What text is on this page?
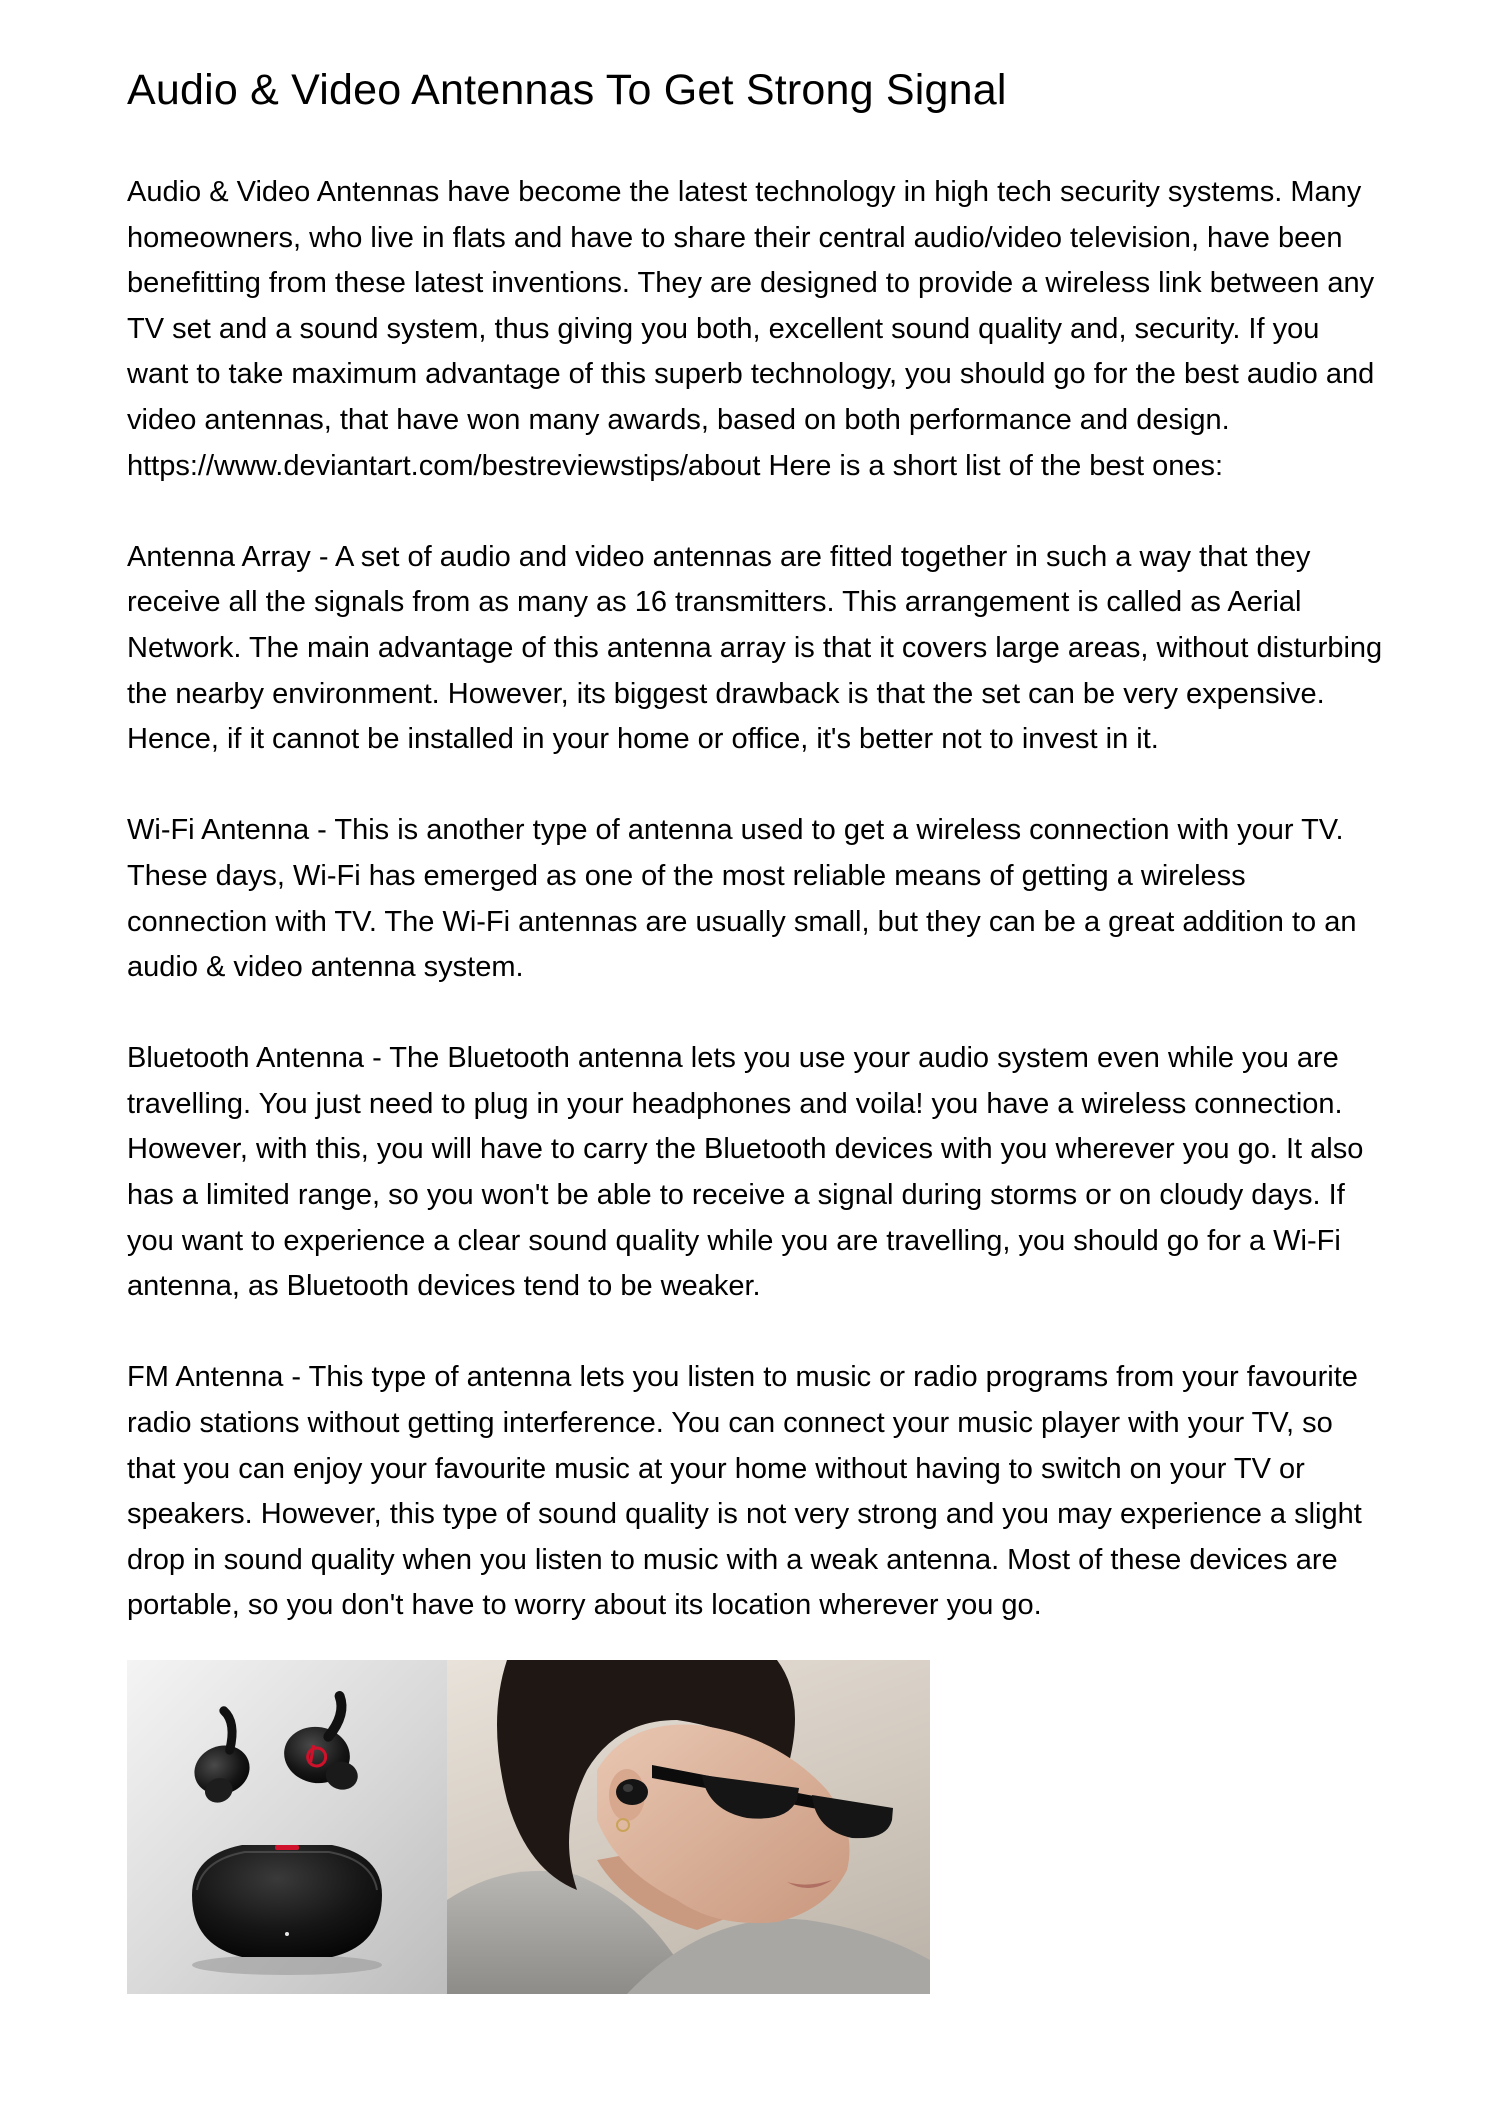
Audio & Video Antennas To Get Strong Signal

Audio & Video Antennas have become the latest technology in high tech security systems. Many homeowners, who live in flats and have to share their central audio/video television, have been benefitting from these latest inventions. They are designed to provide a wireless link between any TV set and a sound system, thus giving you both, excellent sound quality and, security. If you want to take maximum advantage of this superb technology, you should go for the best audio and video antennas, that have won many awards, based on both performance and design. https://www.deviantart.com/bestreviewstips/about Here is a short list of the best ones:

Antenna Array - A set of audio and video antennas are fitted together in such a way that they receive all the signals from as many as 16 transmitters. This arrangement is called as Aerial Network. The main advantage of this antenna array is that it covers large areas, without disturbing the nearby environment. However, its biggest drawback is that the set can be very expensive. Hence, if it cannot be installed in your home or office, it's better not to invest in it.

Wi-Fi Antenna - This is another type of antenna used to get a wireless connection with your TV. These days, Wi-Fi has emerged as one of the most reliable means of getting a wireless connection with TV. The Wi-Fi antennas are usually small, but they can be a great addition to an audio & video antenna system.

Bluetooth Antenna - The Bluetooth antenna lets you use your audio system even while you are travelling. You just need to plug in your headphones and voila! you have a wireless connection. However, with this, you will have to carry the Bluetooth devices with you wherever you go. It also has a limited range, so you won't be able to receive a signal during storms or on cloudy days. If you want to experience a clear sound quality while you are travelling, you should go for a Wi-Fi antenna, as Bluetooth devices tend to be weaker.

FM Antenna - This type of antenna lets you listen to music or radio programs from your favourite radio stations without getting interference. You can connect your music player with your TV, so that you can enjoy your favourite music at your home without having to switch on your TV or speakers. However, this type of sound quality is not very strong and you may experience a slight drop in sound quality when you listen to music with a weak antenna. Most of these devices are portable, so you don't have to worry about its location wherever you go.
